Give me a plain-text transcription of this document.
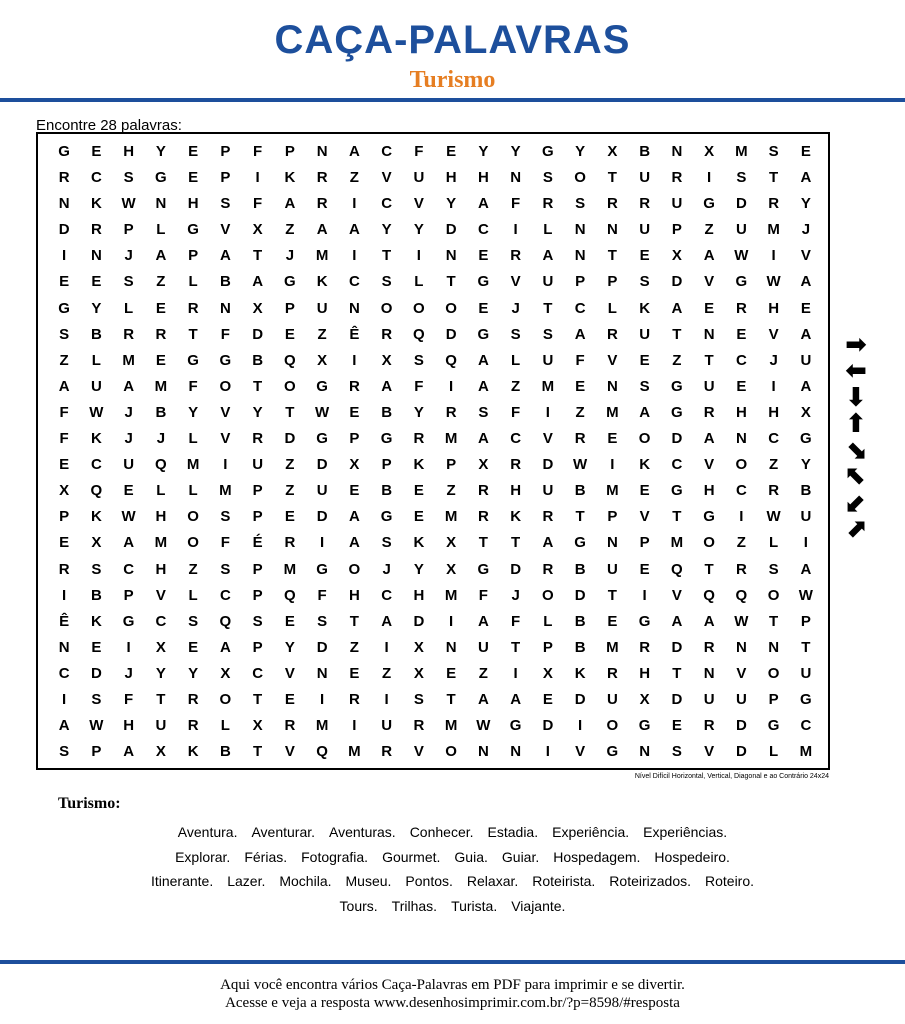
CAÇA-PALAVRAS
Turismo
Encontre 28 palavras:
G	E	H	Y	E	P	F	P	N	A	C	F	E	Y	Y	G	Y	X	B	N	X	M	S	E
R	C	S	G	E	P	I	K	R	Z	V	U	H	H	N	S	O	T	U	R	I	S	T	A
N	K	W	N	H	S	F	A	R	I	C	V	Y	A	F	R	S	R	R	U	G	D	R	Y
D	R	P	L	G	V	X	Z	A	A	Y	Y	D	C	I	L	N	N	U	P	Z	U	M	J
I	N	J	A	P	A	T	J	M	I	T	I	N	E	R	A	N	T	E	X	A	W	I	V
E	E	S	Z	L	B	A	G	K	C	S	L	T	G	V	U	P	P	S	D	V	G	W	A
G	Y	L	E	R	N	X	P	U	N	O	O	O	E	J	T	C	L	K	A	E	R	H	E
S	B	R	R	T	F	D	E	Z	Ê	R	Q	D	G	S	S	A	R	U	T	N	E	V	A
Z	L	M	E	G	G	B	Q	X	I	X	S	Q	A	L	U	F	V	E	Z	T	C	J	U
A	U	A	M	F	O	T	O	G	R	A	F	I	A	Z	M	E	N	S	G	U	E	I	A
F	W	J	B	Y	V	Y	T	W	E	B	Y	R	S	F	I	Z	M	A	G	R	H	H	X
F	K	J	J	L	V	R	D	G	P	G	R	M	A	C	V	R	E	O	D	A	N	C	G
E	C	U	Q	M	I	U	Z	D	X	P	K	P	X	R	D	W	I	K	C	V	O	Z	Y
X	Q	E	L	L	M	P	Z	U	E	B	E	Z	R	H	U	B	M	E	G	H	C	R	B
P	K	W	H	O	S	P	E	D	A	G	E	M	R	K	R	T	P	V	T	G	I	W	U
E	X	A	M	O	F	É	R	I	A	S	K	X	T	T	A	G	N	P	M	O	Z	L	I
R	S	C	H	Z	S	P	M	G	O	J	Y	X	G	D	R	B	U	E	Q	T	R	S	A
I	B	P	V	L	C	P	Q	F	H	C	H	M	F	J	O	D	T	I	V	Q	Q	O	W
Ê	K	G	C	S	Q	S	E	S	T	A	D	I	A	F	L	B	E	G	A	A	W	T	P
N	E	I	X	E	A	P	Y	D	Z	I	X	N	U	T	P	B	M	R	D	R	N	N	T
C	D	J	Y	Y	X	C	V	N	E	Z	X	E	Z	I	X	K	R	H	T	N	V	O	U
I	S	F	T	R	O	T	E	I	R	I	S	T	A	A	E	D	U	X	D	U	U	P	G
A	W	H	U	R	L	X	R	M	I	U	R	M	W	G	D	I	O	G	E	R	D	G	C
S	P	A	X	K	B	T	V	Q	M	R	V	O	N	N	I	V	G	N	S	V	D	L	M
Nível Difícil Horizontal, Vertical, Diagonal e ao Contrário 24x24
➡
⬅
⬇
⬆
⬊
⬉
⬋
⬈
Turismo:
Aventura. Aventurar. Aventuras. Conhecer. Estadia. Experiência. Experiências.
Explorar. Férias. Fotografia. Gourmet. Guia. Guiar. Hospedagem. Hospedeiro.
Itinerante. Lazer. Mochila. Museu. Pontos. Relaxar. Roteirista. Roteirizados. Roteiro.
Tours. Trilhas. Turista. Viajante.
Aqui você encontra vários Caça-Palavras em PDF para imprimir e se divertir.
Acesse e veja a resposta www.desenhosimprimir.com.br/?p=8598/#resposta
